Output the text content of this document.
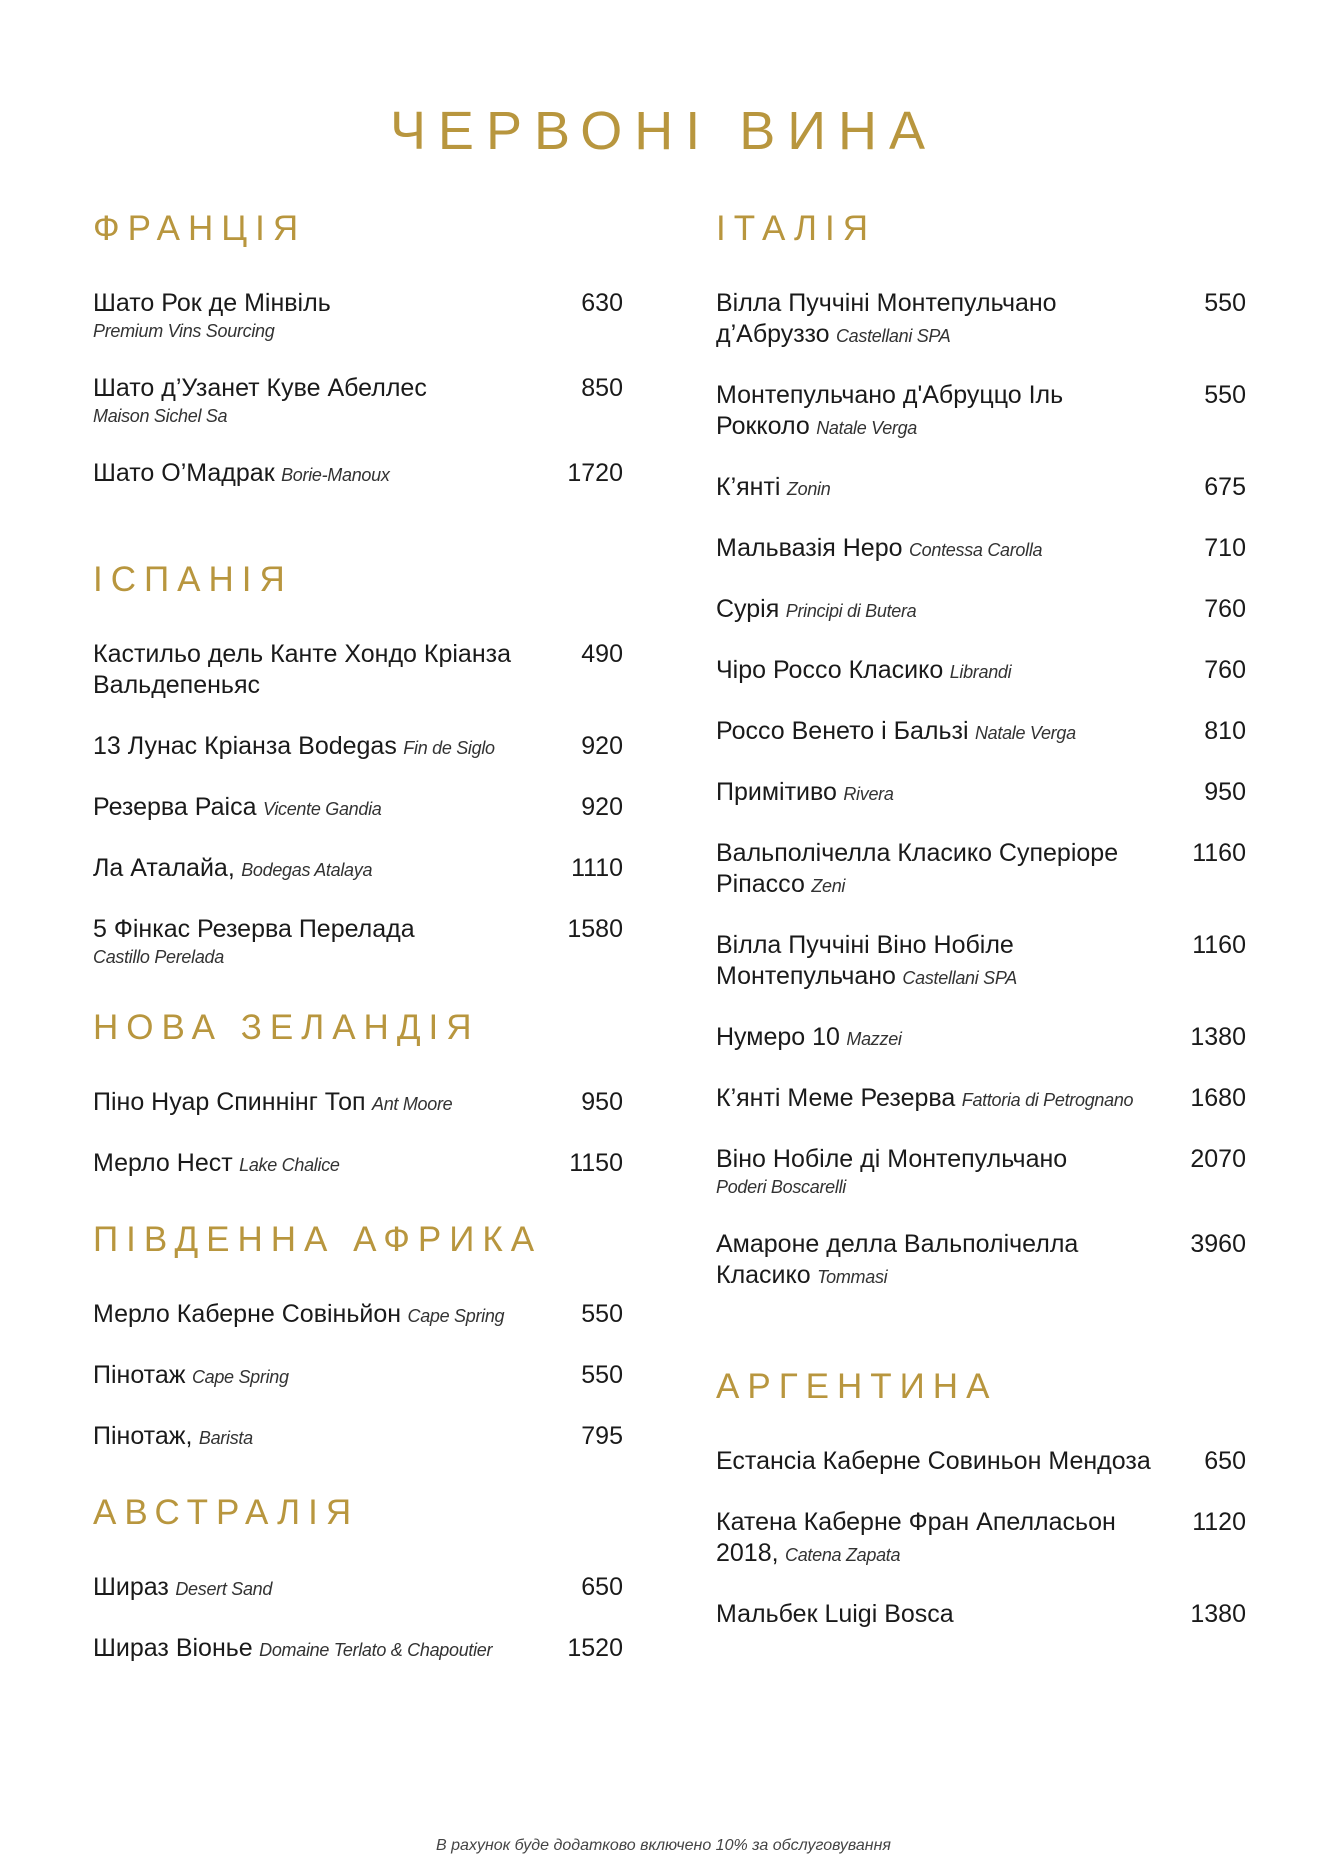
ЧЕРВОНІ ВИНА
ФРАНЦІЯ
Шато Рок де Мінвіль
Premium Vins Sourcing
630
Шато д’Узанет Куве Абеллес
Maison Sichel Sa
850
Шато О’Мадрак Borie-Manoux	1720
ІСПАНІЯ
Кастильо дель Канте Хондо Крiанза Вальдепеньяс
490
13 Лунас Кріанза Bodegas Fin de Siglo	920
Резерва Раіса Vicente Gandia	920
Ла Аталайа, Bodegas Atalaya	1110
5 Фінкас Резерва Перелада
Castillo Perelada
1580
НОВА ЗЕЛАНДІЯ
Піно Нуар Спиннінг Топ Ant Moore	950
Мерло Нест Lake Chalice	1150
ПІВДЕННА АФРИКА
Мерло Каберне Совіньйон Cape Spring	550
Пінотаж Cape Spring	550
Пінотаж, Barista	795
АВСТРАЛІЯ
Шираз Desert Sand	650
Шираз Віонье Domaine Terlato & Chapoutier	1520
ІТАЛІЯ
Вілла Пуччіні Монтепульчано д’Абруззо Castellani SPA
550
Монтепульчано д'Абруццо Іль Рокколо Natale Verga
550
К’янті Zonin	675
Мальвазія Неро Contessa Carolla	710
Сурія Principi di Butera	760
Чіро Россо Класико Librandi	760
Россо Венето і Бальзі Natale Verga	810
Примітиво Rivera	950
Вальполічелла Класико Суперіоре Ріпассо Zeni
1160
Вілла Пуччіні Віно Нобіле Монтепульчано Castellani SPA
1160
Нумеро 10 Mazzei	1380
К’янті Меме Резерва Fattoria di Petrognano 1680
Віно Нобіле ді Монтепульчано
Poderi Boscarelli
2070
Амароне делла Вальполічелла Класико Tommasi
3960
АРГЕНТИНА
Естансіа Каберне Совиньон Мендоза 650
Катена Каберне Фран Апелласьон 2018, Catena Zapata
1120
Мальбек Luigi Bosca	1380
В рахунок буде додатково включено 10% за обслуговування
